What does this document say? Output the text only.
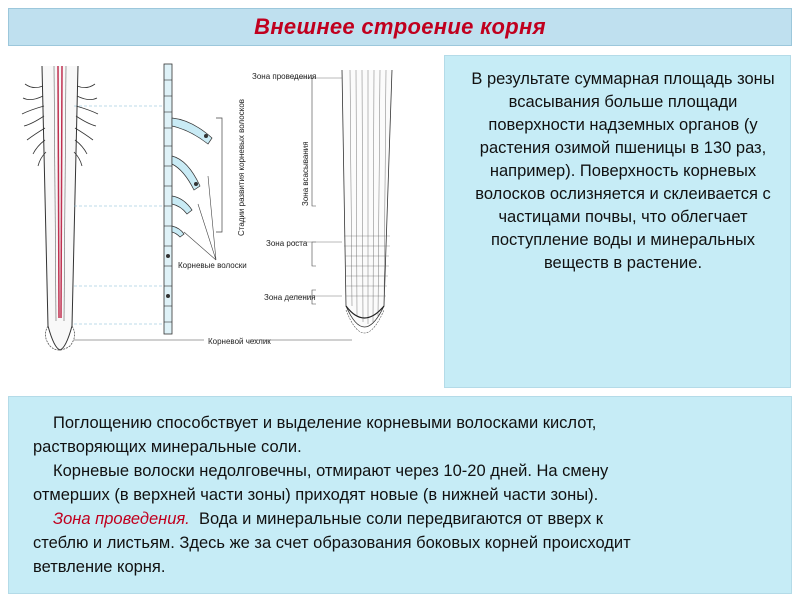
Внешнее строение корня
Зона проведения
Зона всасывания
Зона роста
Зона деления
Стадии развития корневых волосков
Корневые волоски
Корневой чехлик

В результате суммарная площадь зоны всасывания больше площади поверхности надземных органов (у растения озимой пшеницы в 130 раз, например). Поверхность корневых волосков ослизняется и склеивается с частицами почвы, что облегчает поступление воды и минеральных веществ в растение.

Поглощению способствует и выделение корневыми волосками кислот,
растворяющих минеральные соли.
Корневые волоски недолговечны, отмирают через 10-20 дней. На смену
отмерших (в верхней части зоны) приходят новые (в нижней части зоны).
Зона проведения.  Вода и минеральные соли передвигаются от вверх к
стеблю и листьям. Здесь же за счет образования боковых корней происходит
ветвление корня.
